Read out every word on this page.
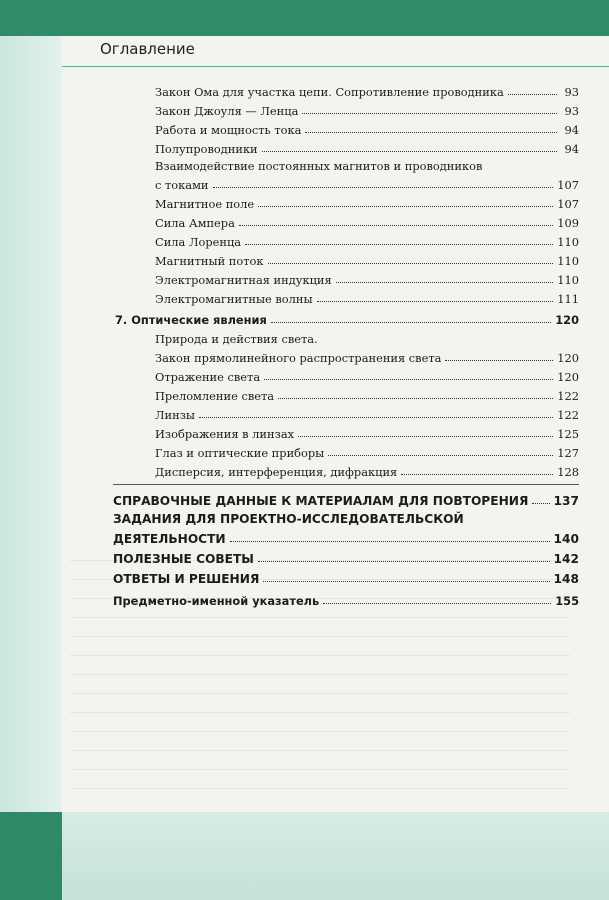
Оглавление
Закон Ома для участка цепи. Сопротивление проводника	93
Закон Джоуля — Ленца	93
Работа и мощность тока	94
Полупроводники	94
Взаимодействие постоянных магнитов и проводников
с токами	107
Магнитное поле	107
Сила Ампера	109
Сила Лоренца	110
Магнитный поток	110
Электромагнитная индукция	110
Электромагнитные волны	111
7. Оптические явления	120
Природа и действия света.
Закон прямолинейного распространения света	120
Отражение света	120
Преломление света	122
Линзы	122
Изображения в линзах	125
Глаз и оптические приборы	127
Дисперсия, интерференция, дифракция	128
СПРАВОЧНЫЕ ДАННЫЕ К МАТЕРИАЛАМ ДЛЯ ПОВТОРЕНИЯ 137
ЗАДАНИЯ ДЛЯ ПРОЕКТНО-ИССЛЕДОВАТЕЛЬСКОЙ
ДЕЯТЕЛЬНОСТИ	140
ПОЛЕЗНЫЕ СОВЕТЫ	142
ОТВЕТЫ И РЕШЕНИЯ	148
Предметно-именной указатель	155
